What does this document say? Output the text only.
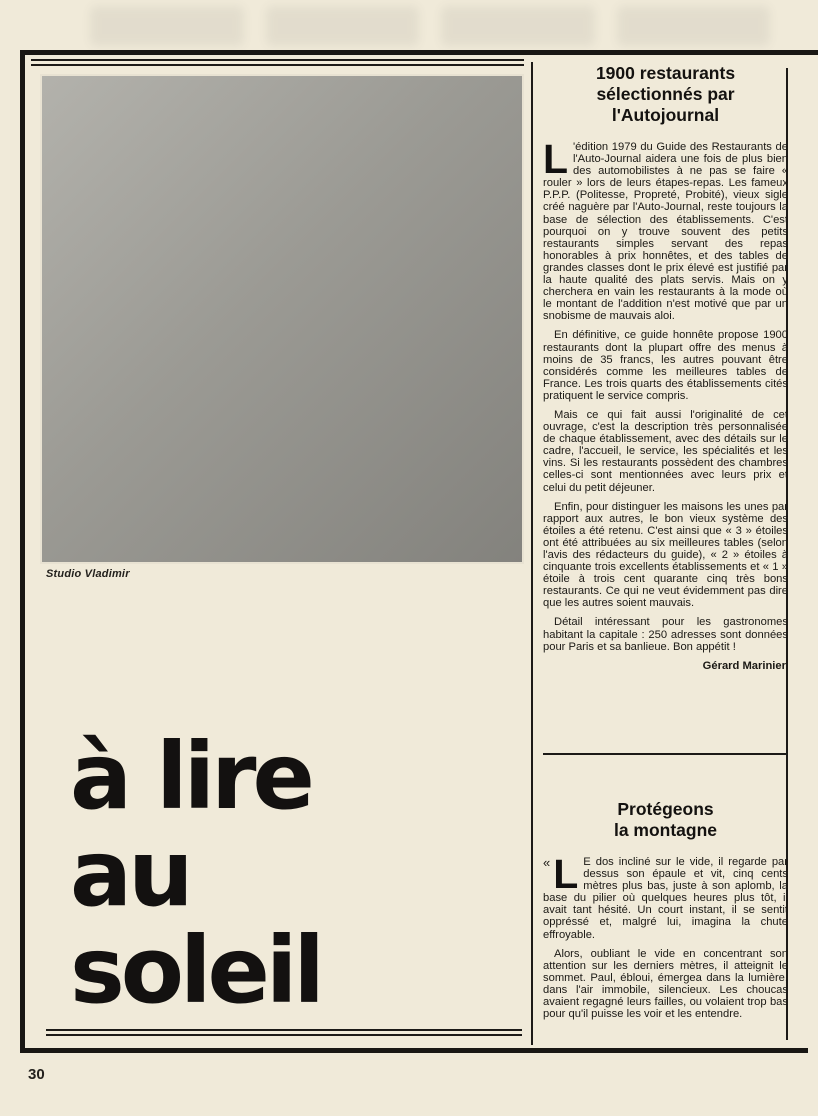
Studio Vladimir
à lire
au
soleil
1900 restaurants
sélectionnés par
l'Autojournal

L 'édition 1979 du Guide des Restaurants de l'Auto-Journal aidera une fois de plus bien des automobilistes à ne pas se faire « rouler » lors de leurs étapes-repas. Les fameux P.P.P. (Politesse, Propreté, Probité), vieux sigle créé naguère par l'Auto-Journal, reste toujours la base de sélection des établissements. C'est pourquoi on y trouve souvent des petits restaurants simples servant des repas honorables à prix honnêtes, et des tables de grandes classes dont le prix élevé est justifié par la haute qualité des plats servis. Mais on y cherchera en vain les restaurants à la mode où le montant de l'addition n'est motivé que par un snobisme de mauvais aloi.

En définitive, ce guide honnête propose 1900 restaurants dont la plupart offre des menus à moins de 35 francs, les autres pouvant être considérés comme les meilleures tables de France. Les trois quarts des établissements cités pratiquent le service compris.

Mais ce qui fait aussi l'originalité de cet ouvrage, c'est la description très personnalisée de chaque établissement, avec des détails sur le cadre, l'accueil, le service, les spécialités et les vins. Si les restaurants possèdent des chambres celles-ci sont mentionnées avec leurs prix et celui du petit déjeuner.

Enfin, pour distinguer les maisons les unes par rapport aux autres, le bon vieux système des étoiles a été retenu. C'est ainsi que « 3 » étoiles ont été attribuées au six meilleures tables (selon l'avis des rédacteurs du guide), « 2 » étoiles à cinquante trois excellents établissements et « 1 » étoile à trois cent quarante cinq très bons restaurants. Ce qui ne veut évidemment pas dire que les autres soient mauvais.

Détail intéressant pour les gastronomes habitant la capitale : 250 adresses sont données pour Paris et sa banlieue. Bon appétit !

Gérard Marinier

Protégeons
la montagne

« L E dos incliné sur le vide, il regarde par dessus son épaule et vit, cinq cents mètres plus bas, juste à son aplomb, la base du pilier où quelques heures plus tôt, il avait tant hésité. Un court instant, il se sentit oppréssé et, malgré lui, imagina la chute effroyable.

Alors, oubliant le vide en concentrant son attention sur les derniers mètres, il atteignit le sommet. Paul, ébloui, émergea dans la lumière, dans l'air immobile, silencieux. Les choucas avaient regagné leurs failles, ou volaient trop bas pour qu'il puisse les voir et les entendre.

30
